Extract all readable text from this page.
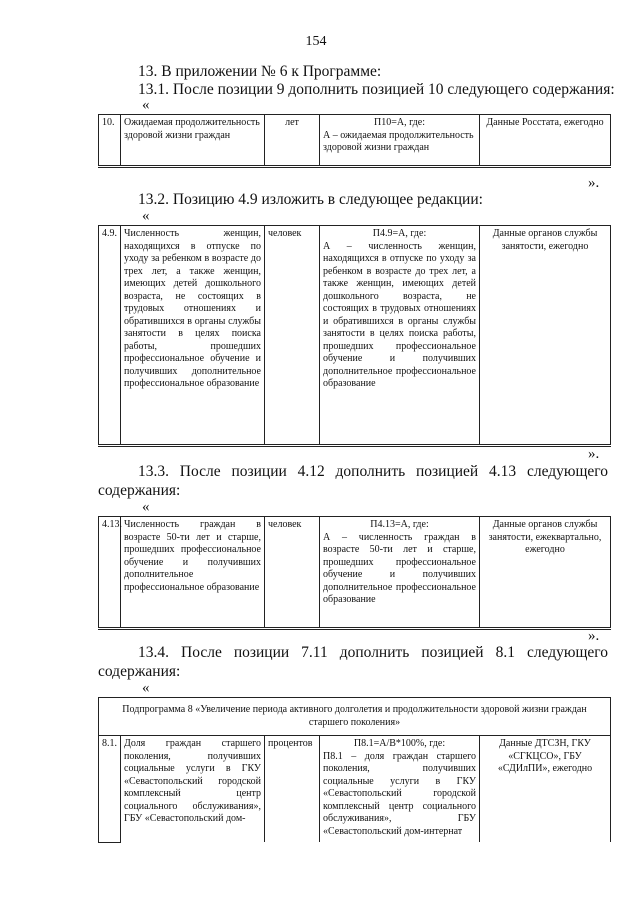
154
13. В приложении № 6 к Программе:
13.1. После позиции 9 дополнить позицией 10 следующего содержания:
«
10.	Ожидаемая продолжительность здоровой жизни граждан	лет	П10=А, где:
А – ожидаемая продолжительность здоровой жизни граждан	Данные Росстата, ежегодно
».
13.2. Позицию 4.9 изложить в следующее редакции:
«
4.9.	Численность женщин, находящихся в отпуске по уходу за ребенком в возрасте до трех лет, а также женщин, имеющих детей дошкольного возраста, не состоящих в трудовых отношениях и обратившихся в органы службы занятости в целях поиска работы, прошедших профессиональное обучение и получивших дополнительное профессиональное образование	человек	П4.9=А, где:
А – численность женщин, находящихся в отпуске по уходу за ребенком в возрасте до трех лет, а также женщин, имеющих детей дошкольного возраста, не состоящих в трудовых отношениях и обратившихся в органы службы занятости в целях поиска работы, прошедших профессиональное обучение и получивших дополнительное профессиональное образование	Данные органов службы занятости, ежегодно
».
13.3. После позиции 4.12 дополнить позицией 4.13 следующего
содержания:
«
4.13.	Численность граждан в возрасте 50-ти лет и старше, прошедших профессиональное обучение и получивших дополнительное профессиональное образование	человек	П4.13=А, где:
А – численность граждан в возрасте 50-ти лет и старше, прошедших профессиональное обучение и получивших дополнительное профессиональное образование	Данные органов службы занятости, ежеквартально, ежегодно
».
13.4. После позиции 7.11 дополнить позицией 8.1 следующего
содержания:
«
Подпрограмма 8 «Увеличение периода активного долголетия и продолжительности здоровой жизни граждан старшего поколения»
8.1.	Доля граждан старшего поколения, получивших социальные услуги в ГКУ «Севастопольский городской комплексный центр социального обслуживания», ГБУ «Севастопольский дом-	процентов	П8.1=А/В*100%, где:
П8.1 – доля граждан старшего поколения, получивших социальные услуги в ГКУ «Севастопольский городской комплексный центр социального обслуживания», ГБУ «Севастопольский дом-интернат	Данные ДТСЗН, ГКУ «СГКЦСО», ГБУ «СДИлПИ», ежегодно
